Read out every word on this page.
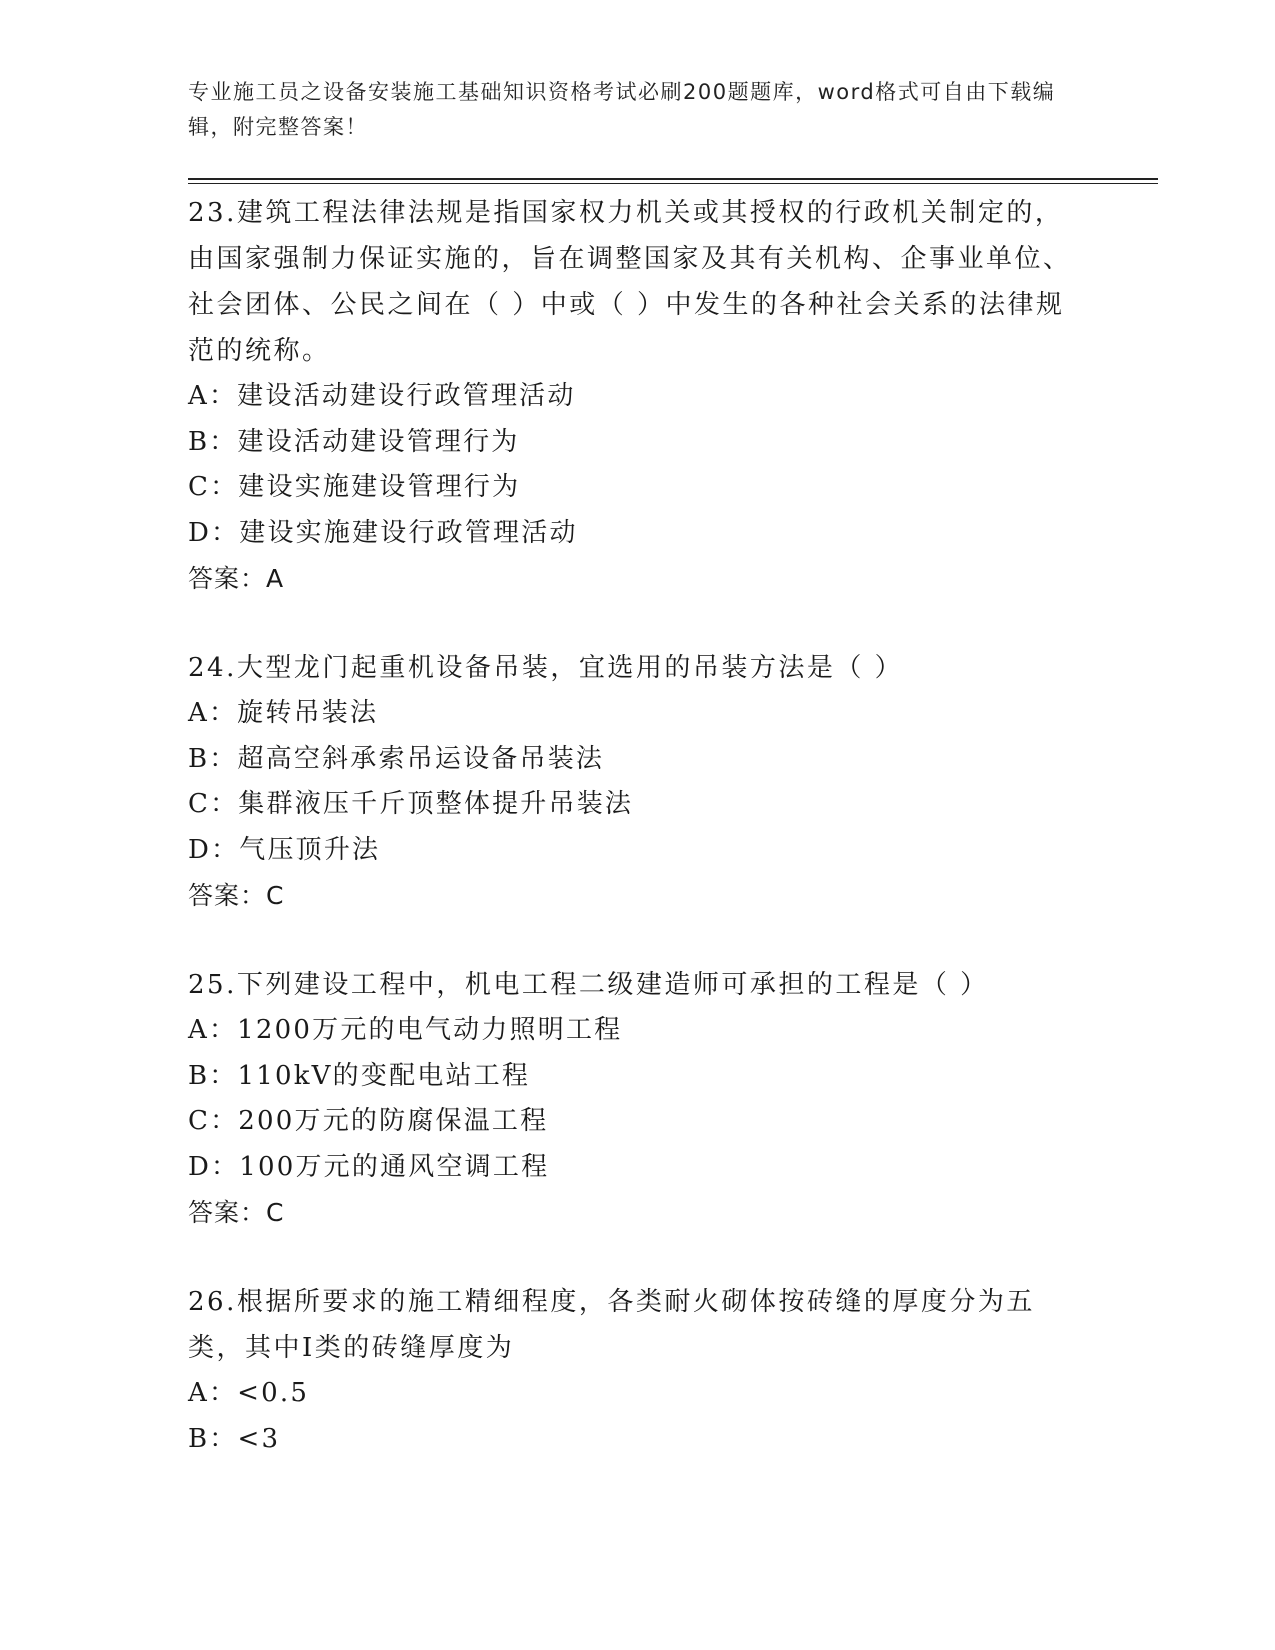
专业施工员之设备安装施工基础知识资格考试必刷200题题库，word格式可自由下载编辑，附完整答案！

23.建筑工程法律法规是指国家权力机关或其授权的行政机关制定的，由国家强制力保证实施的，旨在调整国家及其有关机构、企事业单位、社会团体、公民之间在（ ）中或（ ）中发生的各种社会关系的法律规范的统称。

A：建设活动建设行政管理活动

B：建设活动建设管理行为

C：建设实施建设管理行为

D：建设实施建设行政管理活动

答案：A

24.大型龙门起重机设备吊装，宜选用的吊装方法是（ ）

A：旋转吊装法

B：超高空斜承索吊运设备吊装法

C：集群液压千斤顶整体提升吊装法

D：气压顶升法

答案：C

25.下列建设工程中，机电工程二级建造师可承担的工程是（ ）

A：1200万元的电气动力照明工程

B：110kV的变配电站工程

C：200万元的防腐保温工程

D：100万元的通风空调工程

答案：C

26.根据所要求的施工精细程度，各类耐火砌体按砖缝的厚度分为五类，其中I类的砖缝厚度为

A：<0.5

B：<3
